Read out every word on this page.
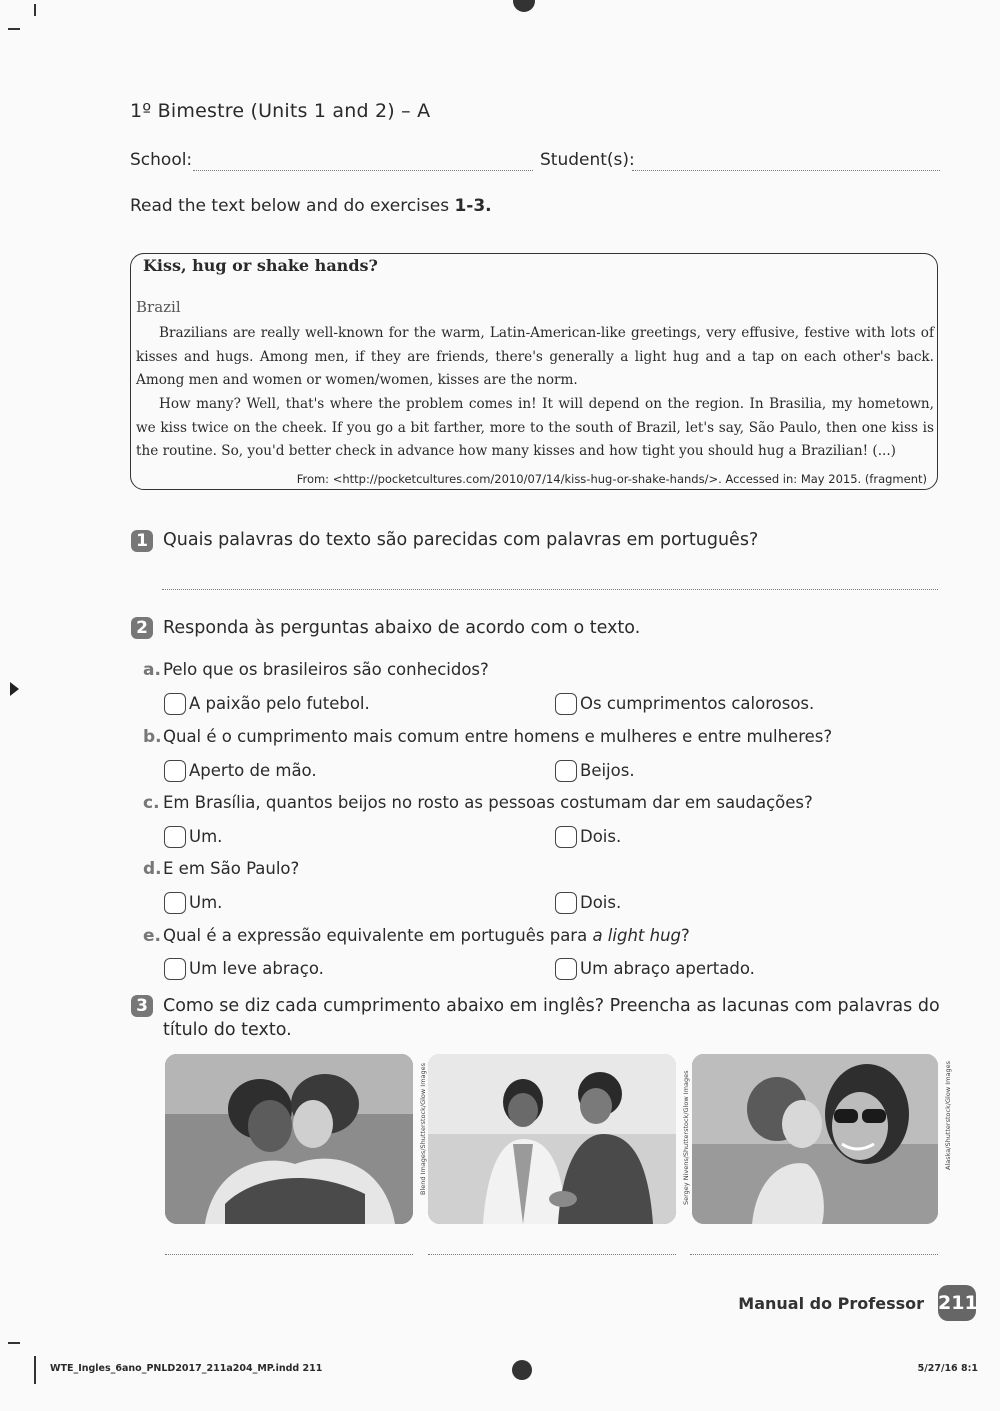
1º Bimestre (Units 1 and 2) – A
School:	Student(s):
Read the text below and do exercises 1-3.
Kiss, hug or shake hands?
Brazil
Brazilians are really well-known for the warm, Latin-American-like greetings, very effusive, festive with lots of kisses and hugs. Among men, if they are friends, there's generally a light hug and a tap on each other's back. Among men and women or women/women, kisses are the norm.
How many? Well, that's where the problem comes in! It will depend on the region. In Brasilia, my hometown, we kiss twice on the cheek. If you go a bit farther, more to the south of Brazil, let's say, São Paulo, then one kiss is the routine. So, you'd better check in advance how many kisses and how tight you should hug a Brazilian! (...)
From: <http://pocketcultures.com/2010/07/14/kiss-hug-or-shake-hands/>. Accessed in: May 2015. (fragment)
1 Quais palavras do texto são parecidas com palavras em português?
2 Responda às perguntas abaixo de acordo com o texto.
a. Pelo que os brasileiros são conhecidos?
A paixão pelo futebol.	Os cumprimentos calorosos.
b. Qual é o cumprimento mais comum entre homens e mulheres e entre mulheres?
Aperto de mão.	Beijos.
c. Em Brasília, quantos beijos no rosto as pessoas costumam dar em saudações?
Um.	Dois.
d. E em São Paulo?
Um.	Dois.
e. Qual é a expressão equivalente em português para a light hug?
Um leve abraço.	Um abraço apertado.
3 Como se diz cada cumprimento abaixo em inglês? Preencha as lacunas com palavras do
título do texto.
Blend Images/Shutterstock/Glow Images	Sergey Nivens/Shutterstock/Glow Images	Alaska/Shutterstock/Glow Images
Manual do Professor 211
WTE_Ingles_6ano_PNLD2017_211a204_MP.indd 211	5/27/16 8:1
